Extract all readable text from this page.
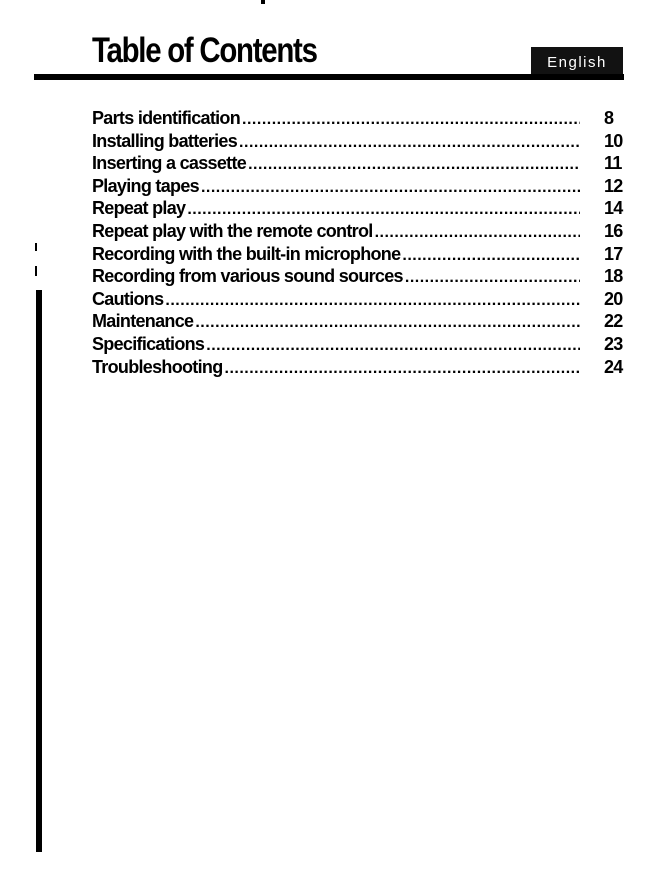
Table of Contents	English
Parts identification .....	8
Installing batteries .....	10
Inserting a cassette .....	11
Playing tapes .....	12
Repeat play .....	14
Repeat play with the remote control .....	16
Recording with the built-in microphone .....	17
Recording from various sound sources .....	18
Cautions .....	20
Maintenance .....	22
Specifications .....	23
Troubleshooting .....	24
